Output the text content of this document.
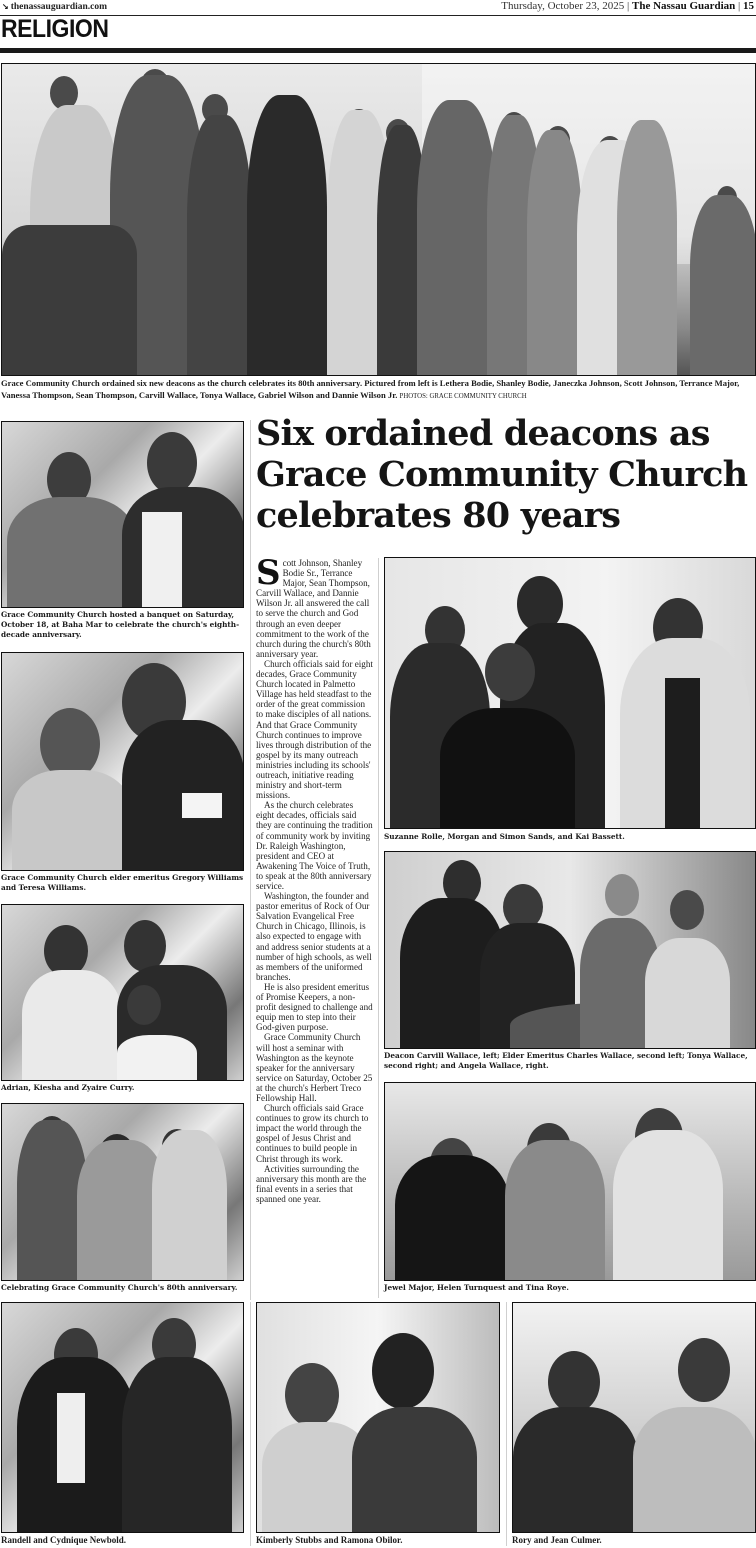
↘ thenassauguardian.com	Thursday, October 23, 2025 | The Nassau Guardian | 15
RELIGION
Grace Community Church ordained six new deacons as the church celebrates its 80th anniversary. Pictured from left is Lethera Bodie, Shanley Bodie, Janeczka Johnson, Scott Johnson, Terrance Major, Vanessa Thompson, Sean Thompson, Carvill Wallace, Tonya Wallace, Gabriel Wilson and Dannie Wilson Jr. PHOTOS: GRACE COMMUNITY CHURCH
Six ordained deacons as Grace Community Church celebrates 80 years
Grace Community Church hosted a banquet on Saturday, October 18, at Baha Mar to celebrate the church's eighth-decade anniversary.
Grace Community Church elder emeritus Gregory Williams and Teresa Williams.
Adrian, Kiesha and Zyaire Curry.
Celebrating Grace Community Church's 80th anniversary.

Scott Johnson, Shanley Bodie Sr., Terrance Major, Sean Thompson, Carvill Wallace, and Dannie Wilson Jr. all answered the call to serve the church and God through an even deeper commitment to the work of the church during the church's 80th anniversary year.

Church officials said for eight decades, Grace Community Church located in Palmetto Village has held steadfast to the order of the great commission to make disciples of all nations. And that Grace Community Church continues to improve lives through distribution of the gospel by its many outreach ministries including its schools' outreach, initiative reading ministry and short-term missions.

As the church celebrates eight decades, officials said they are continuing the tradition of community work by inviting Dr. Raleigh Washington, president and CEO at Awakening The Voice of Truth, to speak at the 80th anniversary service.

Washington, the founder and pastor emeritus of Rock of Our Salvation Evangelical Free Church in Chicago, Illinois, is also expected to engage with and address senior students at a number of high schools, as well as members of the uniformed branches.

He is also president emeritus of Promise Keepers, a non-profit designed to challenge and equip men to step into their God-given purpose.

Grace Community Church will host a seminar with Washington as the keynote speaker for the anniversary service on Saturday, October 25 at the church's Herbert Treco Fellowship Hall.

Church officials said Grace continues to grow its church to impact the world through the gospel of Jesus Christ and continues to build people in Christ through its work.

Activities surrounding the anniversary this month are the final events in a series that spanned one year.

Suzanne Rolle, Morgan and Simon Sands, and Kai Bassett.
Deacon Carvill Wallace, left; Elder Emeritus Charles Wallace, second left; Tonya Wallace, second right; and Angela Wallace, right.
Jewel Major, Helen Turnquest and Tina Roye.
Randell and Cydnique Newbold.	Kimberly Stubbs and Ramona Obilor.	Rory and Jean Culmer.
